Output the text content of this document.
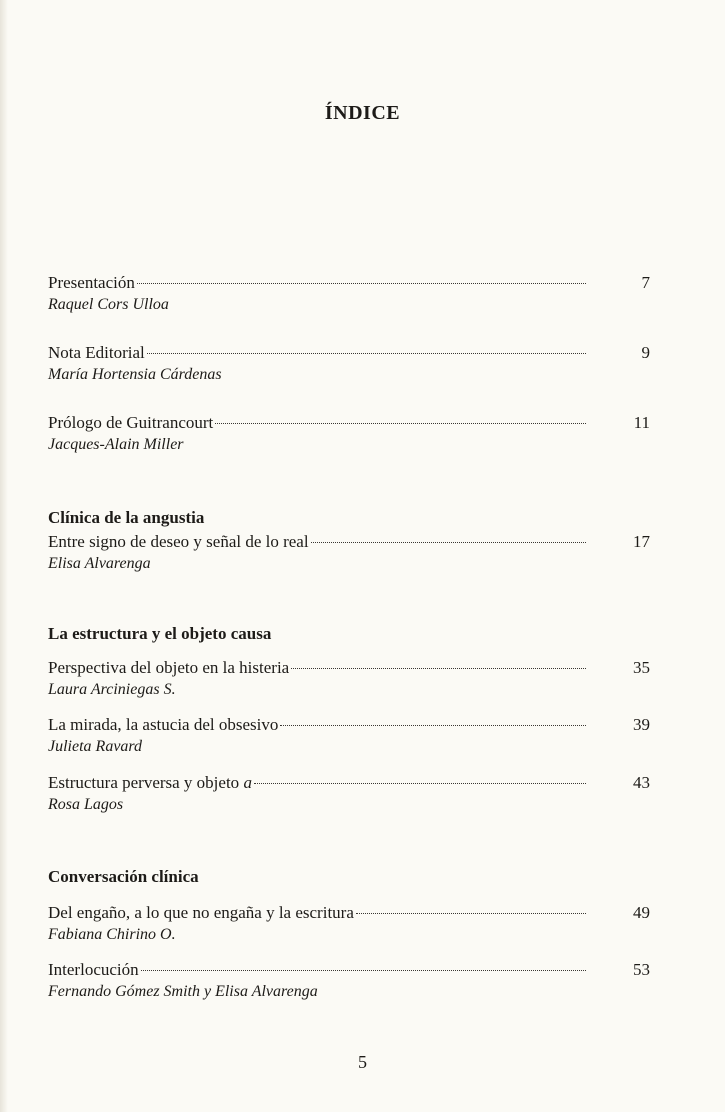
ÍNDICE
Presentación	7
Raquel Cors Ulloa
Nota Editorial	9
María Hortensia Cárdenas
Prólogo de Guitrancourt	11
Jacques-Alain Miller
Clínica de la angustia
Entre signo de deseo y señal de lo real	17
Elisa Alvarenga
La estructura y el objeto causa
Perspectiva del objeto en la histeria	35
Laura Arciniegas S.
La mirada, la astucia del obsesivo	39
Julieta Ravard
Estructura perversa y objeto a	43
Rosa Lagos
Conversación clínica
Del engaño, a lo que no engaña y la escritura	49
Fabiana Chirino O.
Interlocución	53
Fernando Gómez Smith y Elisa Alvarenga
5
